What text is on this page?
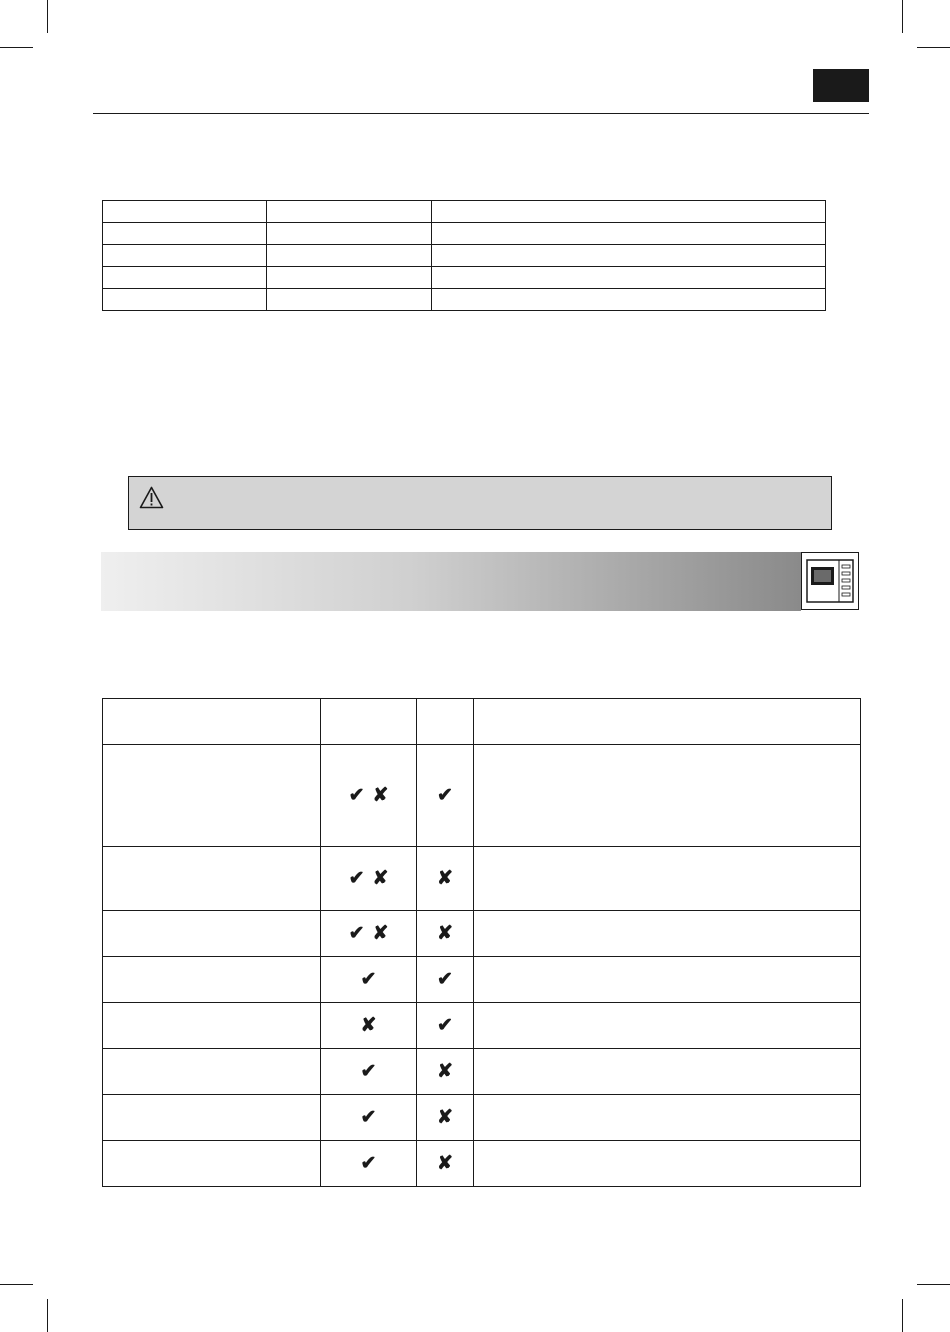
	✔ ✘	✔	
	✔ ✘	✘	
	✔ ✘	✘	
	✔	✔	
	✘	✔	
	✔	✘	
	✔	✘	
	✔	✘	
